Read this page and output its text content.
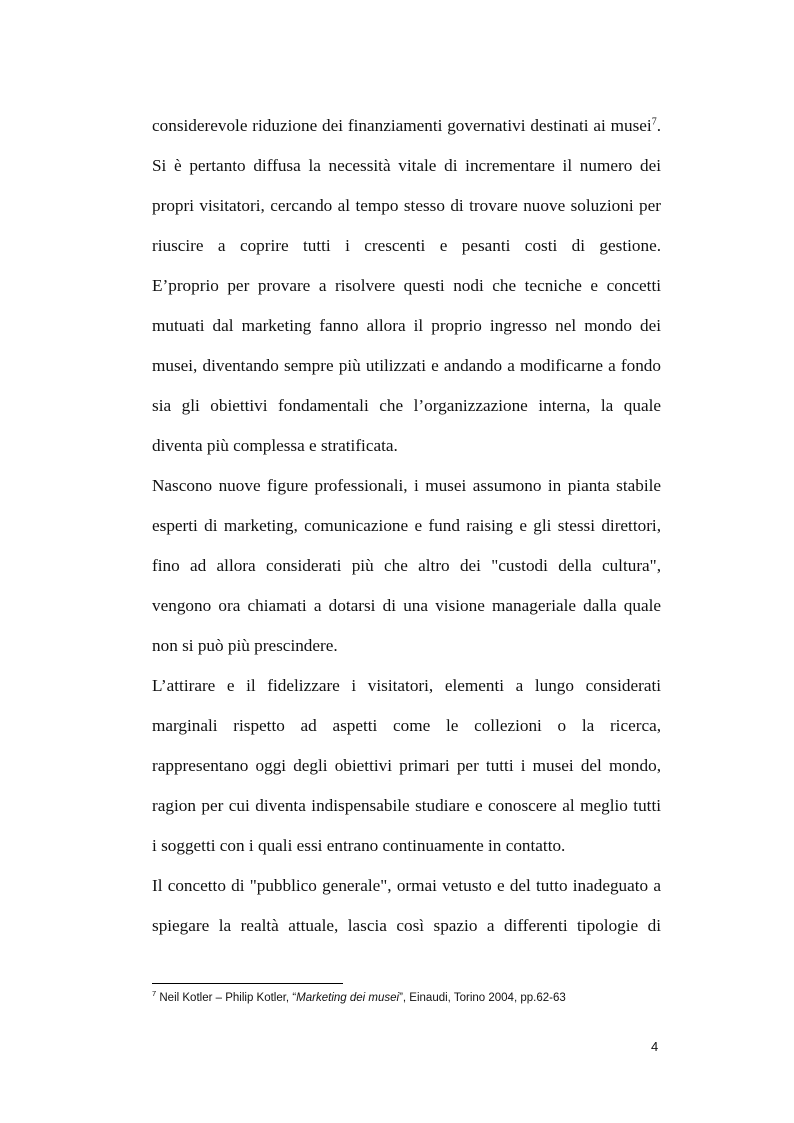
considerevole riduzione dei finanziamenti governativi destinati ai musei$^7$.

Si è pertanto diffusa la necessità vitale di incrementare il numero dei
propri visitatori, cercando al tempo stesso di trovare nuove soluzioni per
riuscire a coprire tutti i crescenti e pesanti costi di gestione.
E’proprio per provare a risolvere questi nodi che tecniche e concetti
mutuati dal marketing fanno allora il proprio ingresso nel mondo dei
musei, diventando sempre più utilizzati e andando a modificarne a fondo
sia gli obiettivi fondamentali che l’organizzazione interna, la quale
diventa più complessa e stratificata.

Nascono nuove figure professionali, i musei assumono in pianta stabile
esperti di marketing, comunicazione e fund raising e gli stessi direttori,
fino ad allora considerati più che altro dei "custodi della cultura",
vengono ora chiamati a dotarsi di una visione manageriale dalla quale
non si può più prescindere.

L’attirare e il fidelizzare i visitatori, elementi a lungo considerati
marginali rispetto ad aspetti come le collezioni o la ricerca,
rappresentano oggi degli obiettivi primari per tutti i musei del mondo,
ragion per cui diventa indispensabile studiare e conoscere al meglio tutti
i soggetti con i quali essi entrano continuamente in contatto.

Il concetto di "pubblico generale", ormai vetusto e del tutto inadeguato a
spiegare la realtà attuale, lascia così spazio a differenti tipologie di

$^7$ Neil Kotler – Philip Kotler, “Marketing dei musei”, Einaudi, Torino 2004, pp.62-63
4
